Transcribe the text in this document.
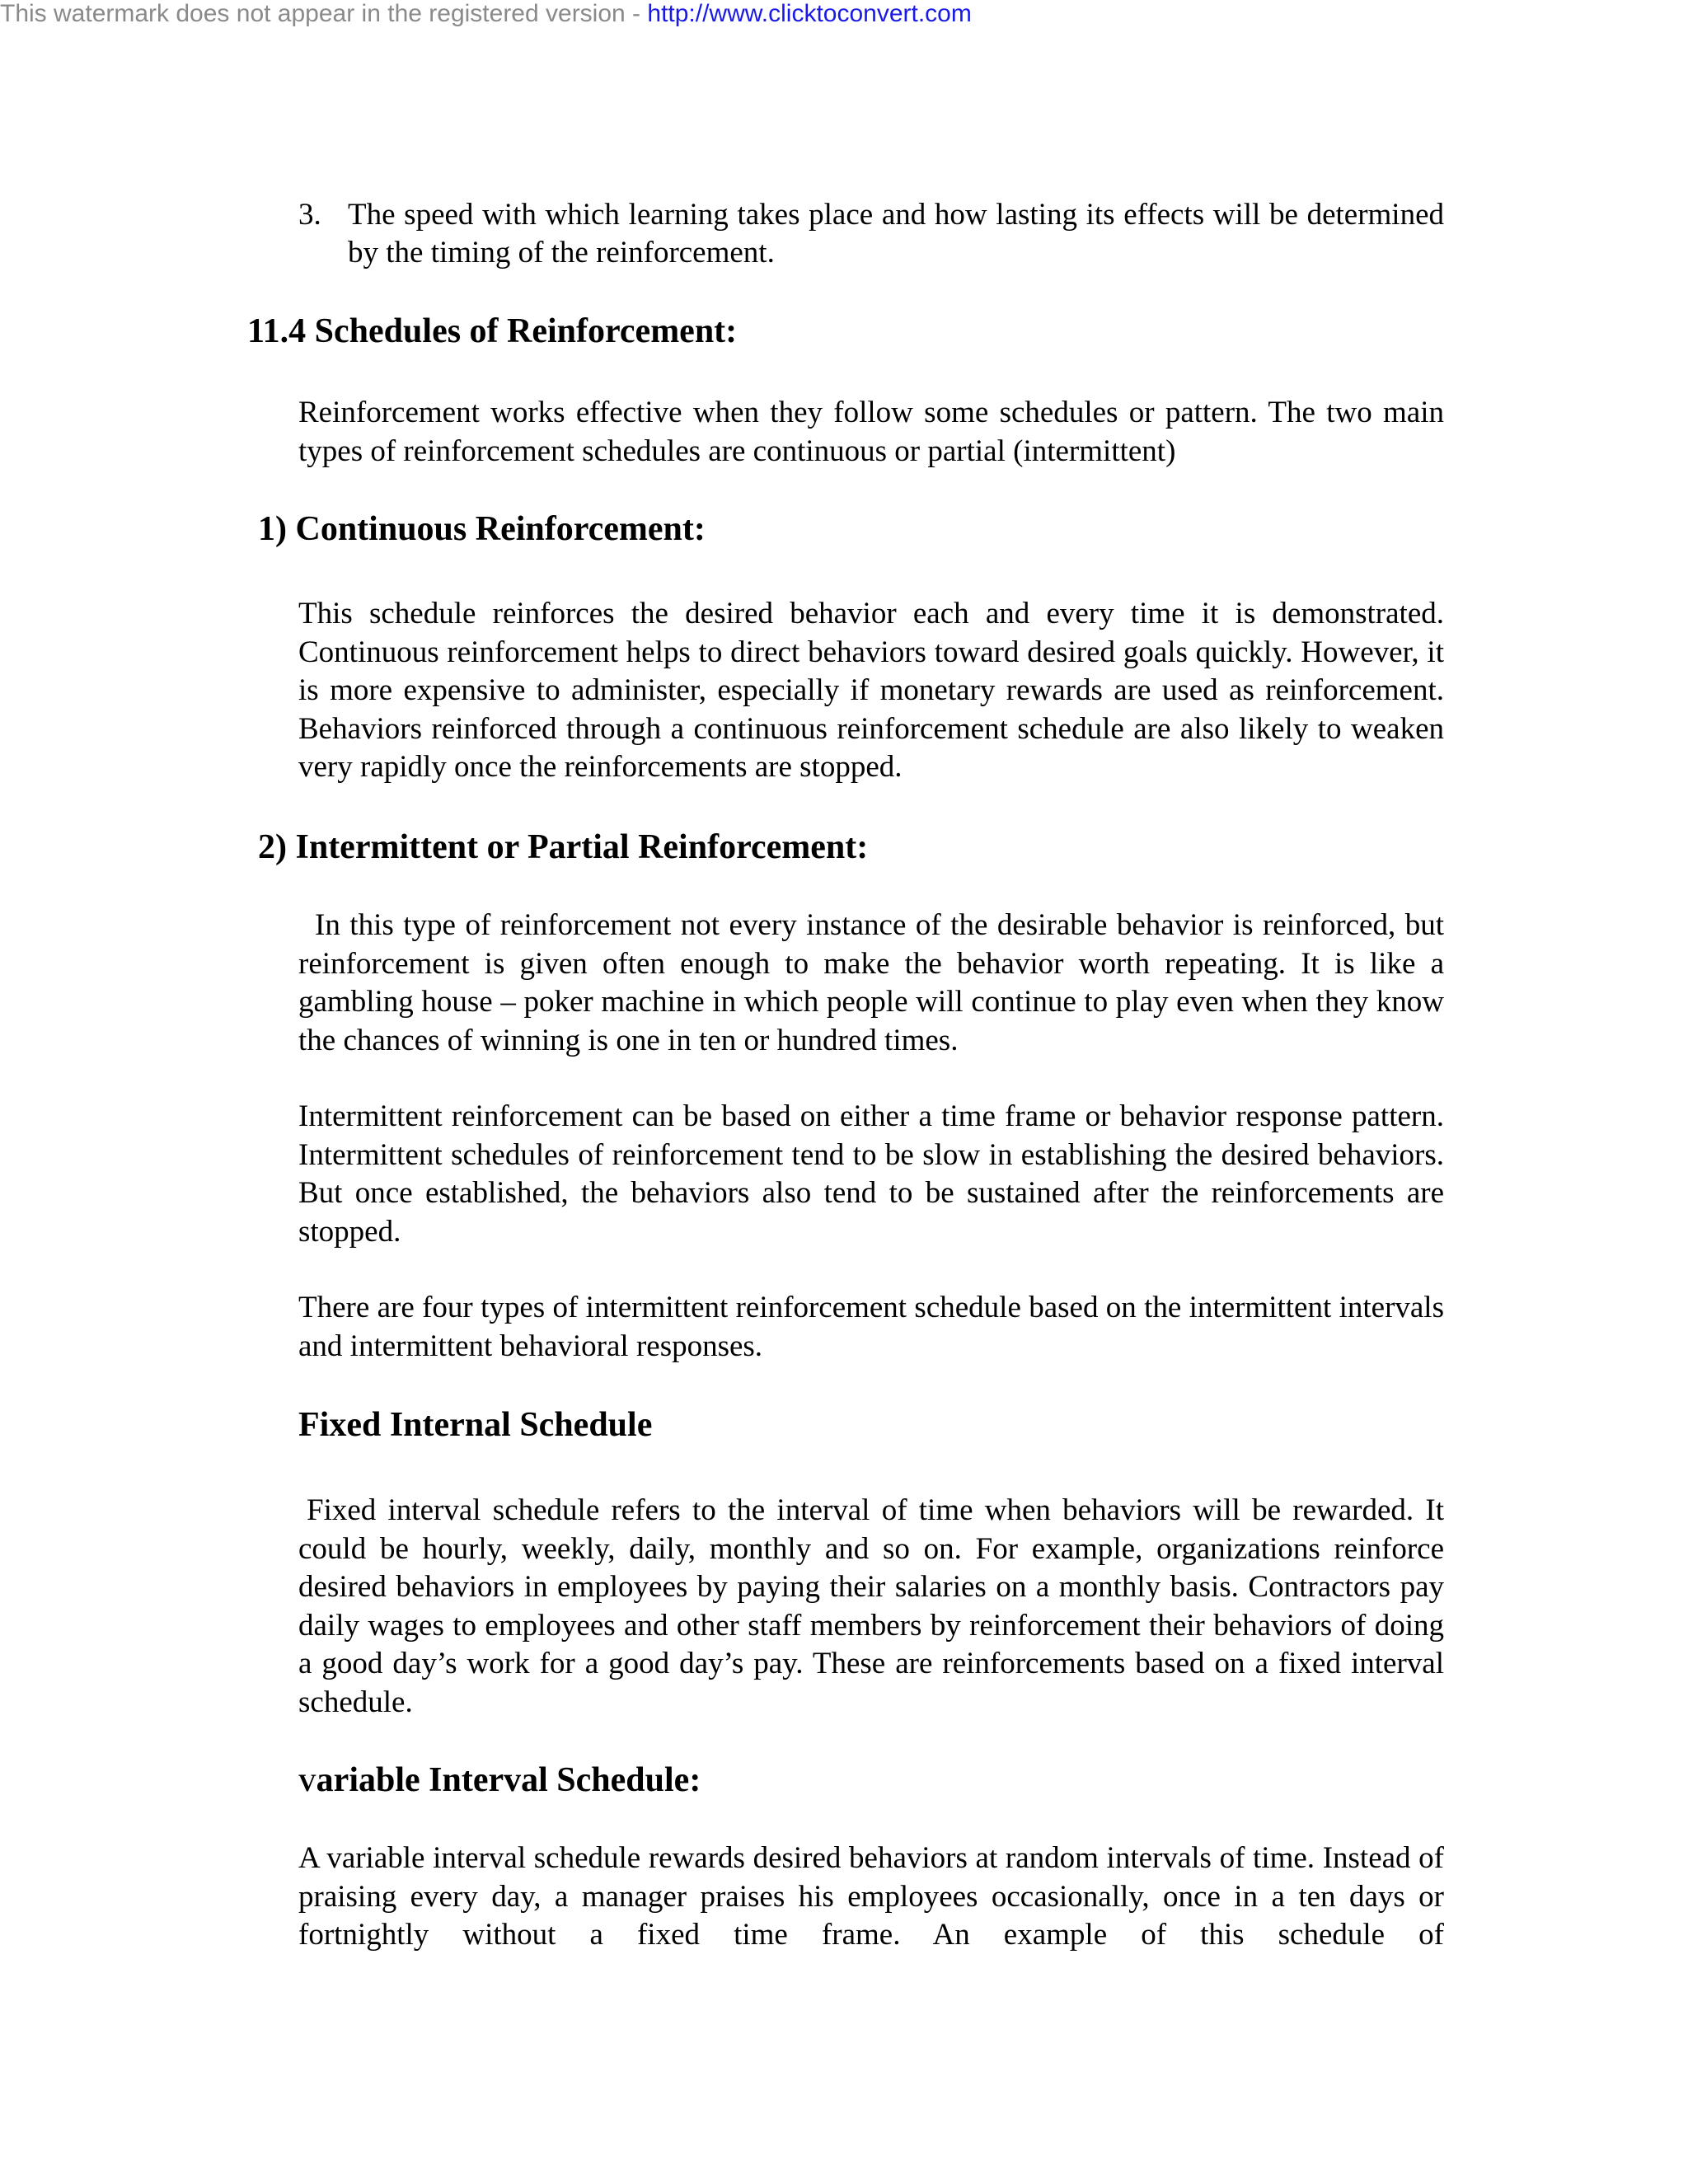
This watermark does not appear in the registered version - http://www.clicktoconvert.com
3. The speed with which learning takes place and how lasting its effects will be determined by the timing of the reinforcement.
11.4 Schedules of Reinforcement:
Reinforcement works effective when they follow some schedules or pattern. The two main types of reinforcement schedules are continuous or partial (intermittent)
1) Continuous Reinforcement:
This schedule reinforces the desired behavior each and every time it is demonstrated. Continuous reinforcement helps to direct behaviors toward desired goals quickly. However, it is more expensive to administer, especially if monetary rewards are used as reinforcement. Behaviors reinforced through a continuous reinforcement schedule are also likely to weaken very rapidly once the reinforcements are stopped.
2) Intermittent or Partial Reinforcement:
In this type of reinforcement not every instance of the desirable behavior is reinforced, but reinforcement is given often enough to make the behavior worth repeating. It is like a gambling house – poker machine in which people will continue to play even when they know the chances of winning is one in ten or hundred times.
Intermittent reinforcement can be based on either a time frame or behavior response pattern. Intermittent schedules of reinforcement tend to be slow in establishing the desired behaviors. But once established, the behaviors also tend to be sustained after the reinforcements are stopped.
There are four types of intermittent reinforcement schedule based on the intermittent intervals and intermittent behavioral responses.
Fixed Internal Schedule
Fixed interval schedule refers to the interval of time when behaviors will be rewarded. It could be hourly, weekly, daily, monthly and so on. For example, organizations reinforce desired behaviors in employees by paying their salaries on a monthly basis. Contractors pay daily wages to employees and other staff members by reinforcement their behaviors of doing a good day’s work for a good day’s pay. These are reinforcements based on a fixed interval schedule.
Variable Interval Schedule:
A variable interval schedule rewards desired behaviors at random intervals of time. Instead of praising every day, a manager praises his employees occasionally, once in a ten days or fortnightly without a fixed time frame. An example of this schedule of
